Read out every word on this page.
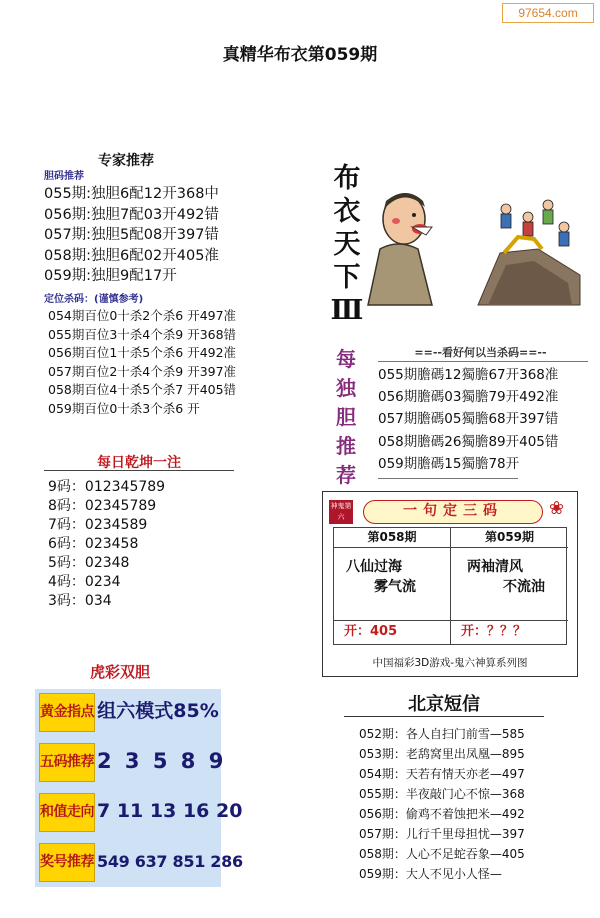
97654.com
真精华布衣第059期
专家推荐
胆码推荐
055期:独胆6配12开368中
056期:独胆7配03开492错
057期:独胆5配08开397错
058期:独胆6配02开405准
059期:独胆9配17开
定位杀码：(谨慎参考)
054期百位0十杀2个杀6 开497准
055期百位3十杀4个杀9 开368错
056期百位1十杀5个杀6 开492准
057期百位2十杀4个杀9 开397准
058期百位4十杀5个杀7 开405错
059期百位0十杀3个杀6 开
布衣天下Ⅲ
每
独
胆
推
荐
==--看好何以当杀码==--
055期膽碼12獨膽67开368准
056期膽碼03獨膽79开492准
057期膽碼05獨膽68开397错
058期膽碼26獨膽89开405错
059期膽碼15獨膽78开
每日乾坤一注
9码：012345789
8码：02345789
7码：0234589
6码：023458
5码：02348
4码：0234
3码：034
神鬼第六	一句定三码	❀
第058期
八仙过海
雾气流
开：405
第059期
两袖清风
不流油
开：？？？
中国福彩3D游戏-鬼六神算系列图
虎彩双胆
黄金指点 组六模式85%
五码推荐 2 3 5 8 9
和值走向 7 11 13 16 20
奖号推荐 549 637 851 286
北京短信
052期：各人自扫门前雪—585
053期：老鸹窝里出凤凰—895
054期：天若有情天亦老—497
055期：半夜敲门心不惊—368
056期：偷鸡不着蚀把米—492
057期：儿行千里母担忧—397
058期：人心不足蛇吞象—405
059期：大人不见小人怪—
